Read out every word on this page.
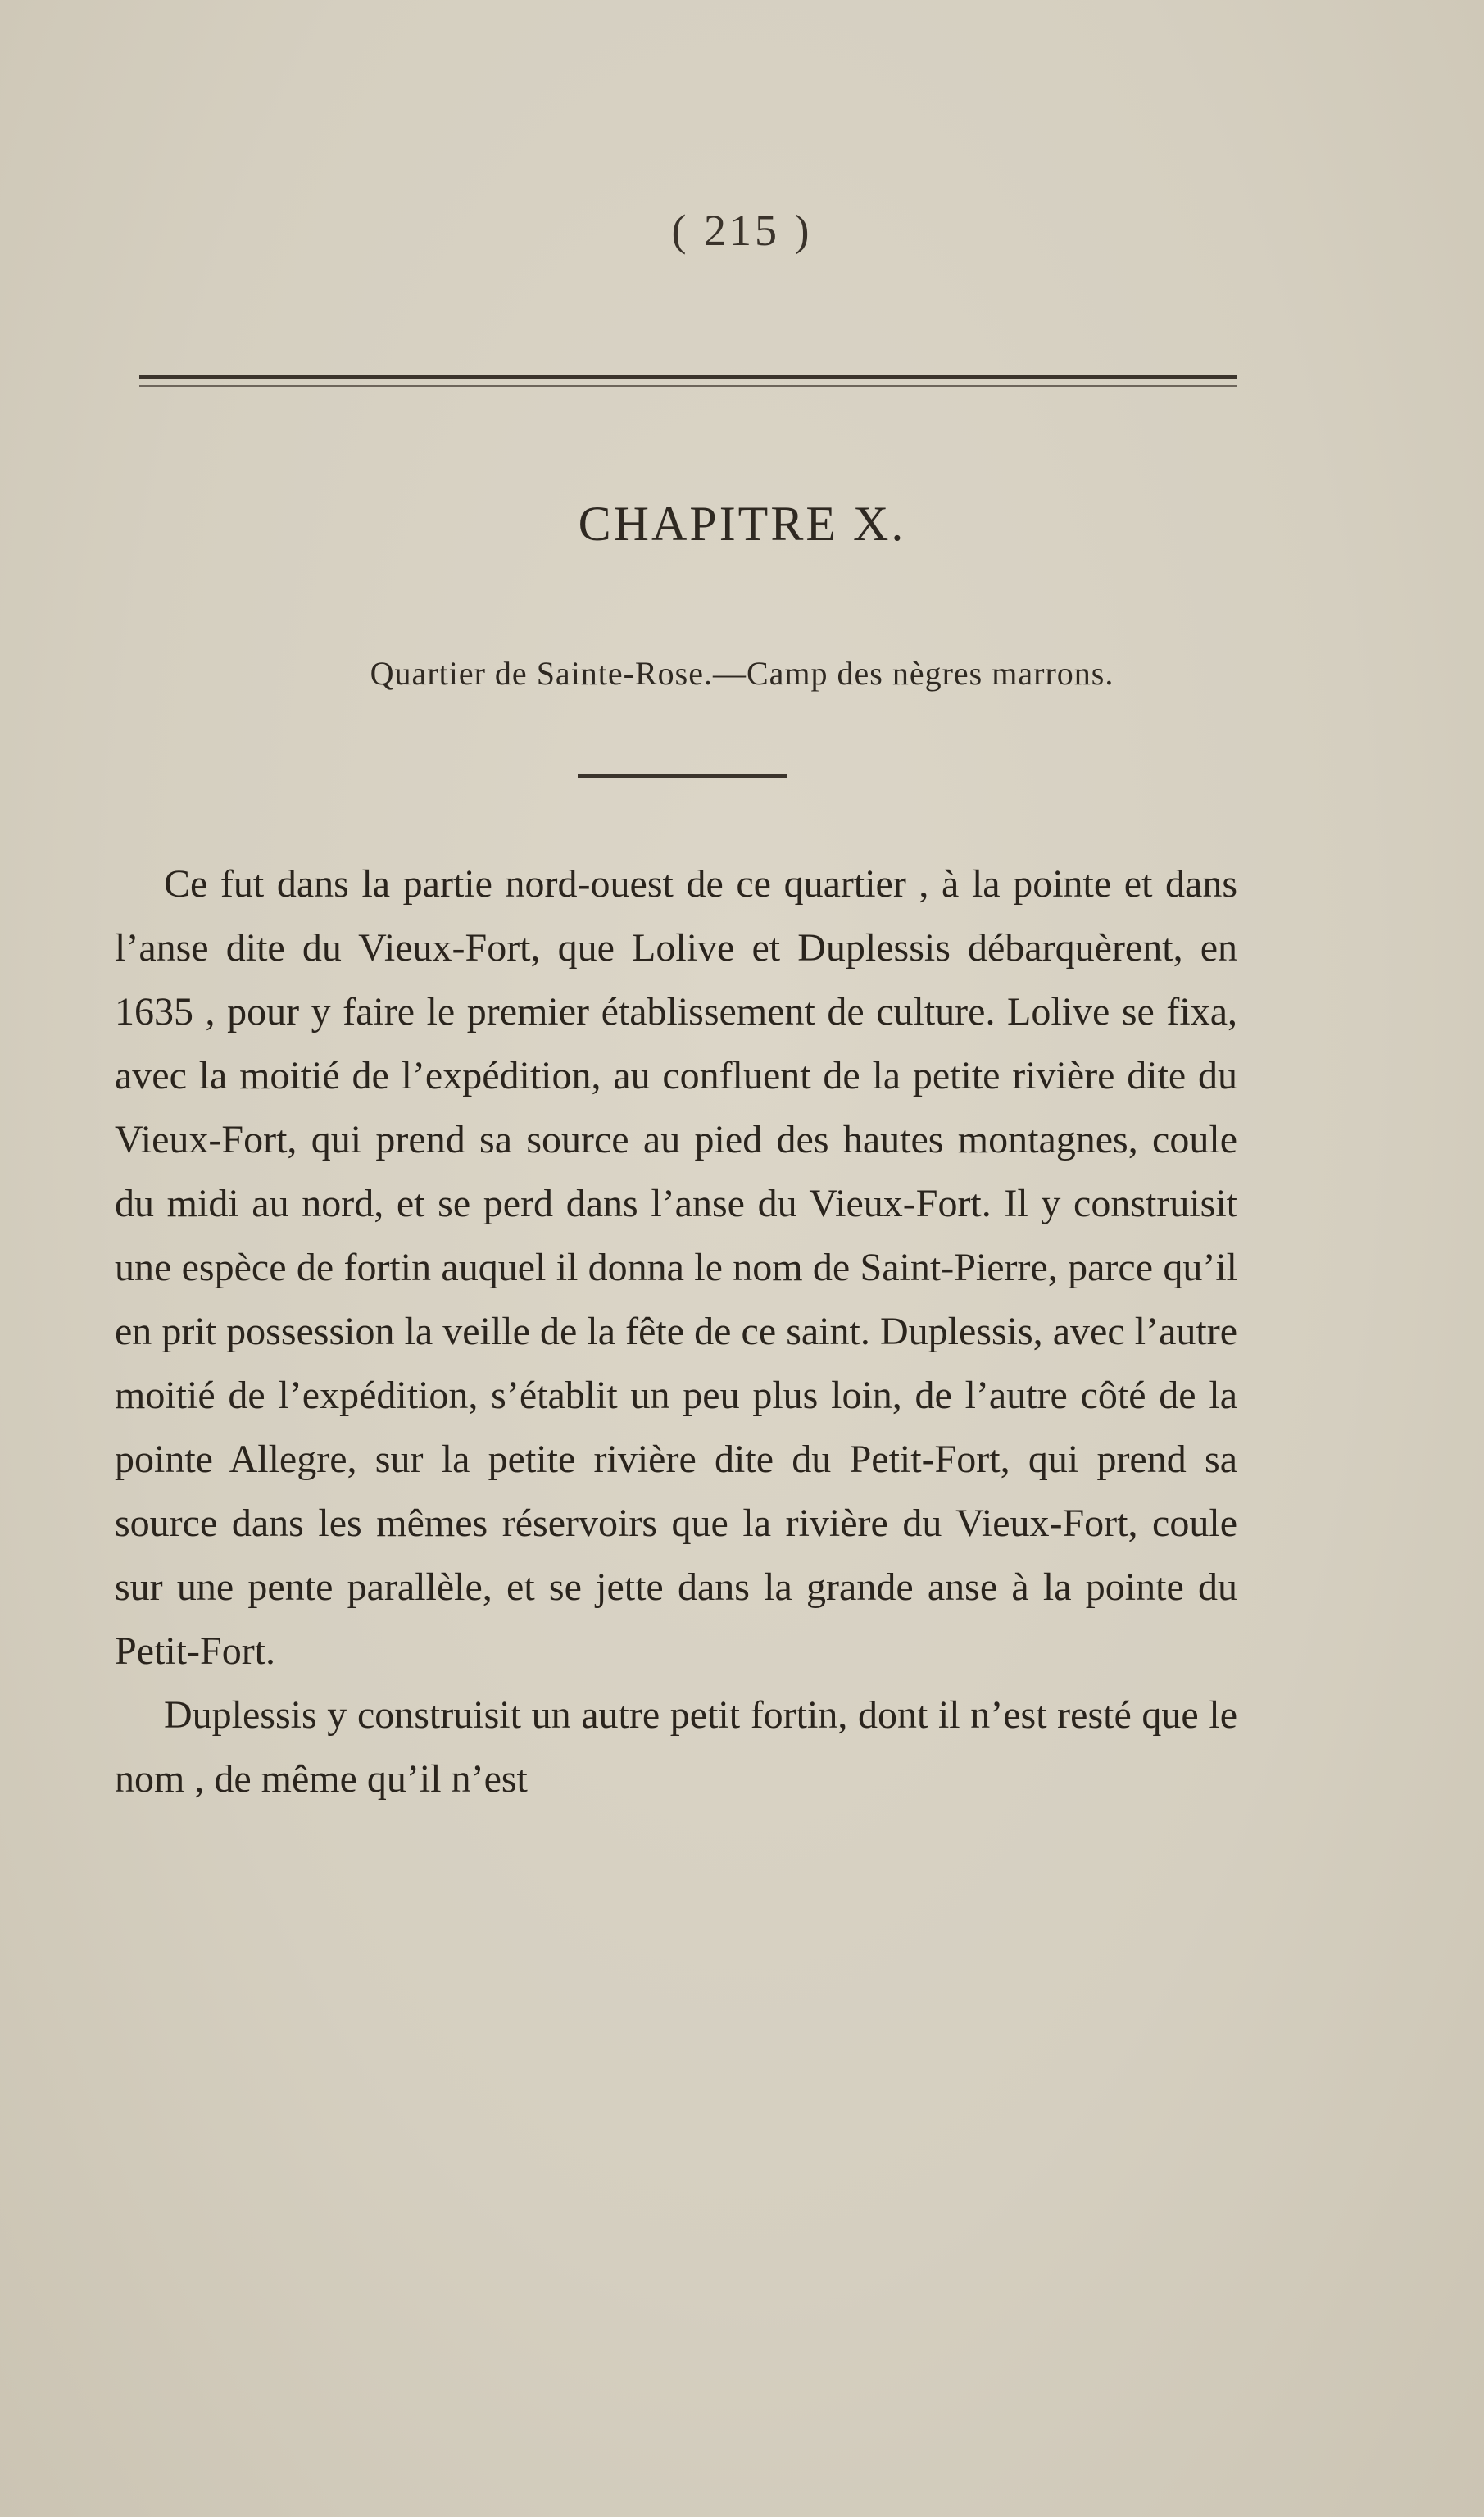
( 215 )
CHAPITRE X.
Quartier de Sainte-Rose.—Camp des nègres marrons.

Ce fut dans la partie nord-ouest de ce quartier , à la pointe et dans l’anse dite du Vieux-Fort, que Lolive et Duplessis débarquèrent, en 1635 , pour y faire le premier établissement de culture. Lolive se fixa, avec la moitié de l’expédition, au confluent de la petite rivière dite du Vieux-Fort, qui prend sa source au pied des hautes montagnes, coule du midi au nord, et se perd dans l’anse du Vieux-Fort. Il y construisit une espèce de fortin auquel il donna le nom de Saint-Pierre, parce qu’il en prit possession la veille de la fête de ce saint. Duplessis, avec l’autre moitié de l’expédition, s’établit un peu plus loin, de l’autre côté de la pointe Allegre, sur la petite rivière dite du Petit-Fort, qui prend sa source dans les mêmes réservoirs que la rivière du Vieux-Fort, coule sur une pente parallèle, et se jette dans la grande anse à la pointe du Petit-Fort.

Duplessis y construisit un autre petit fortin, dont il n’est resté que le nom , de même qu’il n’est
